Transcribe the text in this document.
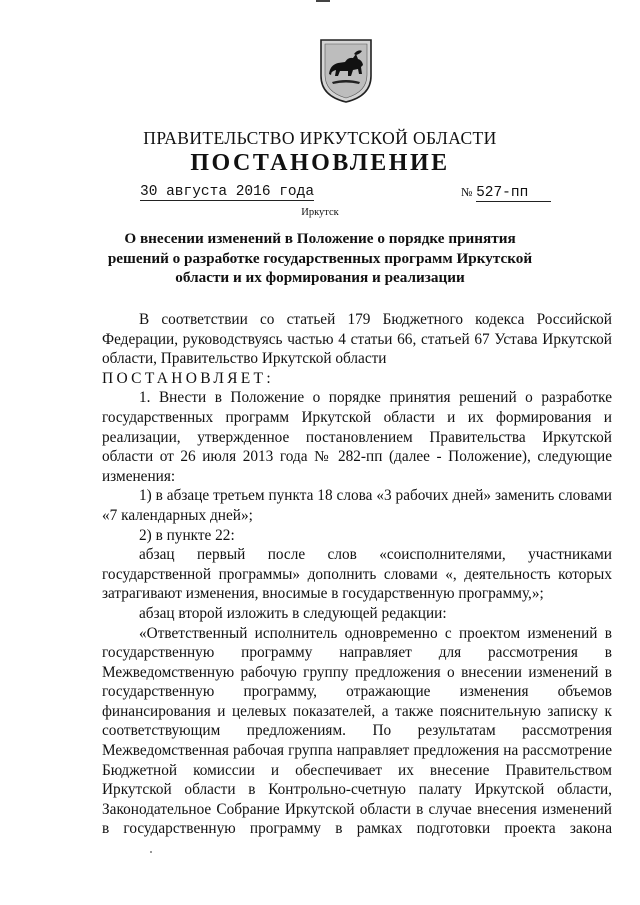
ПРАВИТЕЛЬСТВО ИРКУТСКОЙ ОБЛАСТИ
ПОСТАНОВЛЕНИЕ
30 августа 2016 года	№ 527-пп
Иркутск
О внесении изменений в Положение о порядке принятия решений о разработке государственных программ Иркутской области и их формирования и реализации

В соответствии со статьей 179 Бюджетного кодекса Российской Федерации, руководствуясь частью 4 статьи 66, статьей 67 Устава Иркутской области, Правительство Иркутской области

ПОСТАНОВЛЯЕТ:

1. Внести в Положение о порядке принятия решений о разработке государственных программ Иркутской области и их формирования и реализации, утвержденное постановлением Правительства Иркутской области от 26 июля 2013 года № 282-пп (далее - Положение), следующие изменения:

1) в абзаце третьем пункта 18 слова «3 рабочих дней» заменить словами «7 календарных дней»;

2) в пункте 22:

абзац первый после слов «соисполнителями, участниками государственной программы» дополнить словами «, деятельность которых затрагивают изменения, вносимые в государственную программу,»;

абзац второй изложить в следующей редакции:

«Ответственный исполнитель одновременно с проектом изменений в государственную программу направляет для рассмотрения в Межведомственную рабочую группу предложения о внесении изменений в государственную программу, отражающие изменения объемов финансирования и целевых показателей, а также пояснительную записку к соответствующим предложениям. По результатам рассмотрения Межведомственная рабочая группа направляет предложения на рассмотрение Бюджетной комиссии и обеспечивает их внесение Правительством Иркутской области в Контрольно-счетную палату Иркутской области, Законодательное Собрание Иркутской области в случае внесения изменений в государственную программу в рамках подготовки проекта закона
